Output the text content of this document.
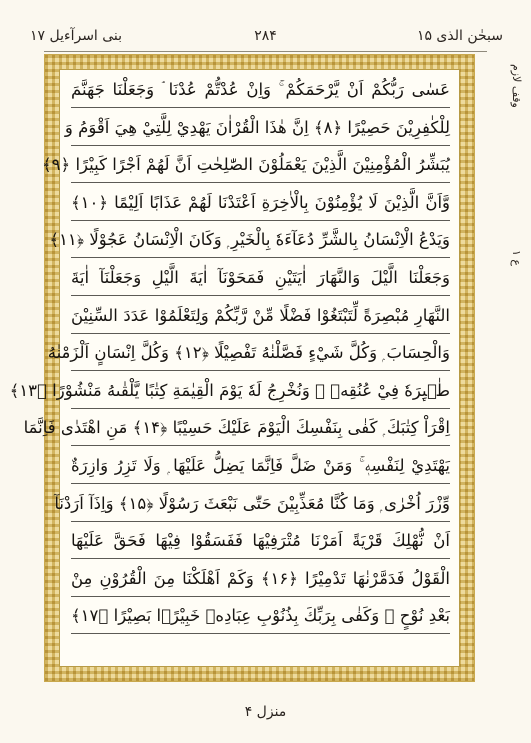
سبحٰن الذی ۱۵
۲۸۴
بنی اسرآءیل ۱۷
وقف لازم
ع ۱
عَسٰی رَبُّكُمْ اَنْ يَّرْحَمَكُمْ ۚ وَاِنْ عُدْتُّمْ عُدْنَا ۘ وَجَعَلْنَا جَهَنَّمَ
لِلْكٰفِرِيْنَ حَصِيْرًا ﴿۸﴾ اِنَّ هٰذَا الْقُرْاٰنَ يَهْدِيْ لِلَّتِيْ هِيَ اَقْوَمُ وَ
يُبَشِّرُ الْمُؤْمِنِيْنَ الَّذِيْنَ يَعْمَلُوْنَ الصّٰلِحٰتِ اَنَّ لَهُمْ اَجْرًا كَبِيْرًا ﴿۹﴾
وَّاَنَّ الَّذِيْنَ لَا يُؤْمِنُوْنَ بِالْاٰخِرَةِ اَعْتَدْنَا لَهُمْ عَذَابًا اَلِيْمًا ﴿۱۰﴾
وَيَدْعُ الْاِنْسَانُ بِالشَّرِّ دُعَآءَهٗ بِالْخَيْرِ ۭ وَكَانَ الْاِنْسَانُ عَجُوْلًا ﴿۱۱﴾
وَجَعَلْنَا الَّيْلَ وَالنَّهَارَ اٰيَتَيْنِ فَمَحَوْنَآ اٰيَةَ الَّيْلِ وَجَعَلْنَآ اٰيَةَ
النَّهَارِ مُبْصِرَةً لِّتَبْتَغُوْا فَضْلًا مِّنْ رَّبِّكُمْ وَلِتَعْلَمُوْا عَدَدَ السِّنِيْنَ
وَالْحِسَابَ ۭ وَكُلَّ شَيْءٍ فَصَّلْنٰهُ تَفْصِيْلًا ﴿۱۲﴾ وَكُلَّ اِنْسَانٍ اَلْزَمْنٰهُ
طٰۗىِٕرَهٗ فِيْ عُنُقِهٖ ۭ وَنُخْرِجُ لَهٗ يَوْمَ الْقِيٰمَةِ كِتٰبًا يَّلْقٰىهُ مَنْشُوْرًا ﴿۱۳﴾
اِقْرَاْ كِتٰبَكَ ۭ كَفٰى بِنَفْسِكَ الْيَوْمَ عَلَيْكَ حَسِيْبًا ﴿۱۴﴾ مَنِ اهْتَدٰى فَاِنَّمَا
يَهْتَدِيْ لِنَفْسِهٖ ۚ وَمَنْ ضَلَّ فَاِنَّمَا يَضِلُّ عَلَيْهَا ۭ وَلَا تَزِرُ وَازِرَةٌ
وِّزْرَ اُخْرٰى ۭ وَمَا كُنَّا مُعَذِّبِيْنَ حَتّٰى نَبْعَثَ رَسُوْلًا ﴿۱۵﴾ وَاِذَآ اَرَدْنَآ
اَنْ نُّهْلِكَ قَرْيَةً اَمَرْنَا مُتْرَفِيْهَا فَفَسَقُوْا فِيْهَا فَحَقَّ عَلَيْهَا
الْقَوْلُ فَدَمَّرْنٰهَا تَدْمِيْرًا ﴿۱۶﴾ وَكَمْ اَهْلَكْنَا مِنَ الْقُرُوْنِ مِنْ
بَعْدِ نُوْحٍ ۭ وَكَفٰى بِرَبِّكَ بِذُنُوْبِ عِبَادِهٖ خَبِيْرًۢا بَصِيْرًا ﴿۱۷﴾
منزل ۴
